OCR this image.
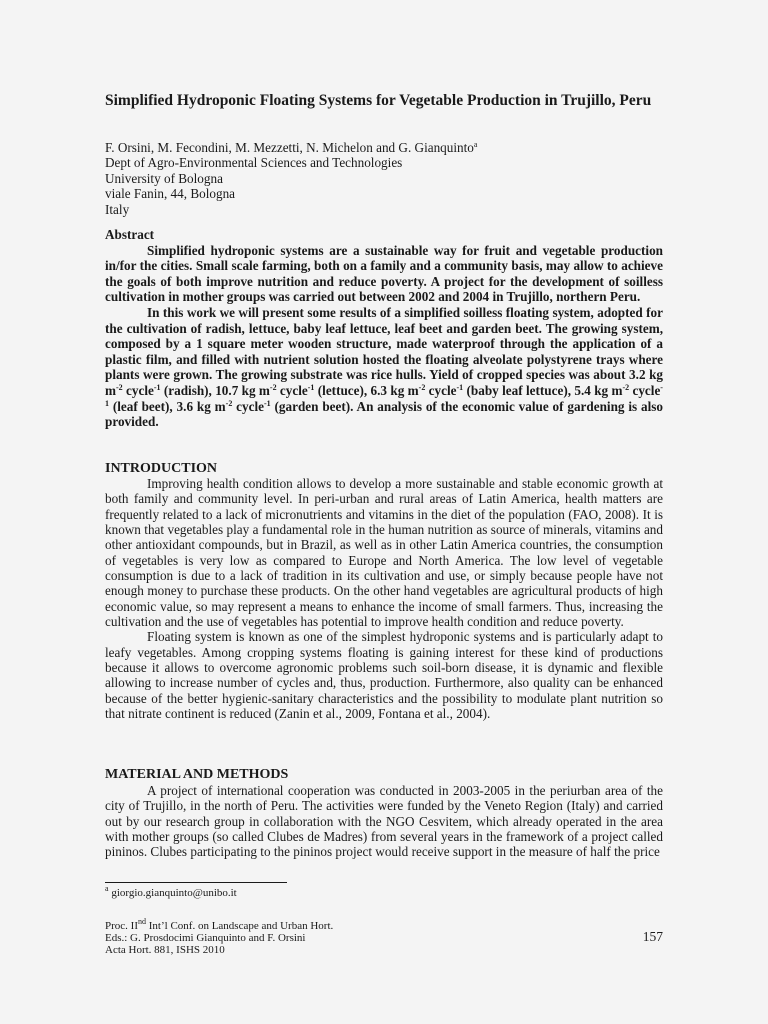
Simplified Hydroponic Floating Systems for Vegetable Production in Trujillo, Peru
F. Orsini, M. Fecondini, M. Mezzetti, N. Michelon and G. Gianquinto$^a$
Dept of Agro-Environmental Sciences and Technologies
University of Bologna
viale Fanin, 44, Bologna
Italy
Abstract

Simplified hydroponic systems are a sustainable way for fruit and vegetable production in/for the cities. Small scale farming, both on a family and a community basis, may allow to achieve the goals of both improve nutrition and reduce poverty. A project for the development of soilless cultivation in mother groups was carried out between 2002 and 2004 in Trujillo, northern Peru.

In this work we will present some results of a simplified soilless floating system, adopted for the cultivation of radish, lettuce, baby leaf lettuce, leaf beet and garden beet. The growing system, composed by a 1 square meter wooden structure, made waterproof through the application of a plastic film, and filled with nutrient solution hosted the floating alveolate polystyrene trays where plants were grown. The growing substrate was rice hulls. Yield of cropped species was about 3.2 kg $m^{-2}$ cycle$^{-1}$ (radish), 10.7 kg $m^{-2}$ cycle$^{-1}$ (lettuce), 6.3 kg $m^{-2}$ cycle$^{-1}$ (baby leaf lettuce), 5.4 kg $m^{-2}$ cycle$^{-1}$ (leaf beet), 3.6 kg $m^{-2}$ cycle$^{-1}$ (garden beet). An analysis of the economic value of gardening is also provided.

INTRODUCTION

Improving health condition allows to develop a more sustainable and stable economic growth at both family and community level. In peri-urban and rural areas of Latin America, health matters are frequently related to a lack of micronutrients and vitamins in the diet of the population (FAO, 2008). It is known that vegetables play a fundamental role in the human nutrition as source of minerals, vitamins and other antioxidant compounds, but in Brazil, as well as in other Latin America countries, the consumption of vegetables is very low as compared to Europe and North America. The low level of vegetable consumption is due to a lack of tradition in its cultivation and use, or simply because people have not enough money to purchase these products. On the other hand vegetables are agricultural products of high economic value, so may represent a means to enhance the income of small farmers. Thus, increasing the cultivation and the use of vegetables has potential to improve health condition and reduce poverty.

Floating system is known as one of the simplest hydroponic systems and is particularly adapt to leafy vegetables. Among cropping systems floating is gaining interest for these kind of productions because it allows to overcome agronomic problems such soil-born disease, it is dynamic and flexible allowing to increase number of cycles and, thus, production. Furthermore, also quality can be enhanced because of the better hygienic-sanitary characteristics and the possibility to modulate plant nutrition so that nitrate continent is reduced (Zanin et al., 2009, Fontana et al., 2004).

MATERIAL AND METHODS

A project of international cooperation was conducted in 2003-2005 in the periurban area of the city of Trujillo, in the north of Peru. The activities were funded by the Veneto Region (Italy) and carried out by our research group in collaboration with the NGO Cesvitem, which already operated in the area with mother groups (so called Clubes de Madres) from several years in the framework of a project called pininos. Clubes participating to the pininos project would receive support in the measure of half the price

$^a$ giorgio.gianquinto@unibo.it
Proc. IInd Int’l Conf. on Landscape and Urban Hort.
Eds.: G. Prosdocimi Gianquinto and F. Orsini
Acta Hort. 881, ISHS 2010
157
